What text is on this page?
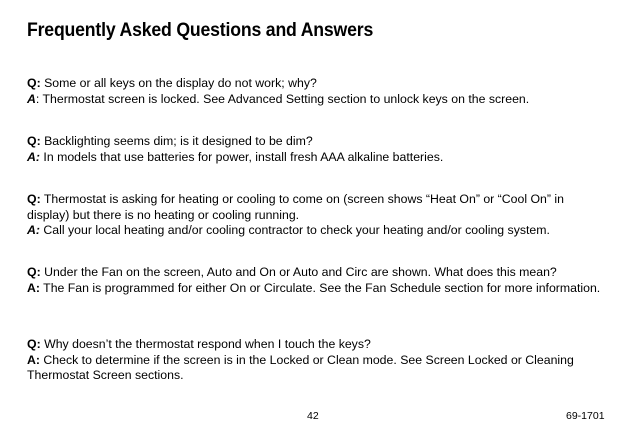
Frequently Asked Questions and Answers

Q: Some or all keys on the display do not work; why?

A: Thermostat screen is locked. See Advanced Setting section to unlock keys on the screen.

Q: Backlighting seems dim; is it designed to be dim?

A: In models that use batteries for power, install fresh AAA alkaline batteries.

Q: Thermostat is asking for heating or cooling to come on (screen shows “Heat On” or “Cool On” in display) but there is no heating or cooling running.

A: Call your local heating and/or cooling contractor to check your heating and/or cooling system.

Q: Under the Fan on the screen, Auto and On or Auto and Circ are shown. What does this mean?

A: The Fan is programmed for either On or Circulate. See the Fan Schedule section for more information.

Q: Why doesn’t the thermostat respond when I touch the keys?

A: Check to determine if the screen is in the Locked or Clean mode. See Screen Locked or Cleaning Thermostat Screen sections.

42	69-1701
